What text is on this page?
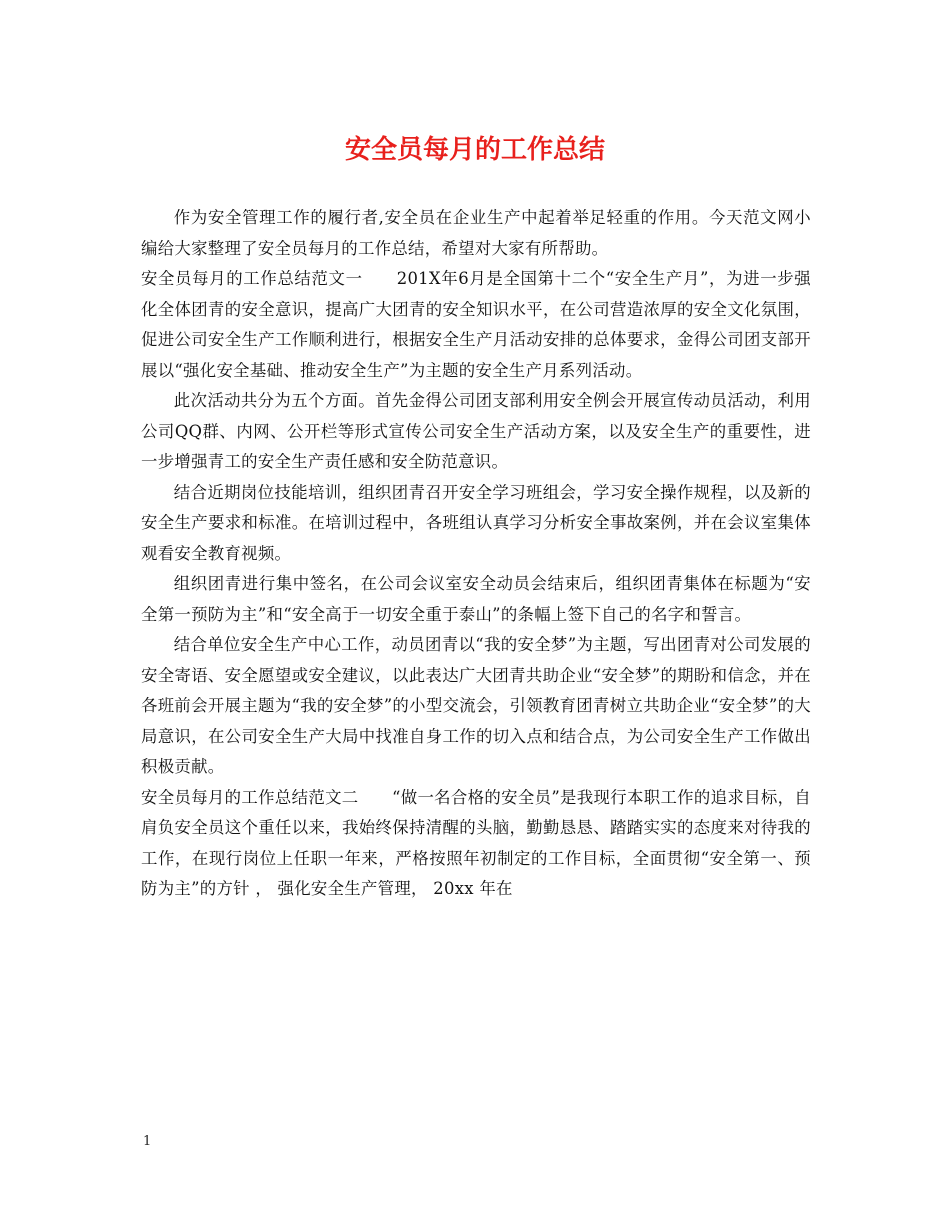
安全员每月的工作总结

作为安全管理工作的履行者,安全员在企业生产中起着举足轻重的作用。今天范文网小编给大家整理了安全员每月的工作总结，希望对大家有所帮助。

安全员每月的工作总结范文一　　201X年6月是全国第十二个“安全生产月”，为进一步强化全体团青的安全意识，提高广大团青的安全知识水平，在公司营造浓厚的安全文化氛围，促进公司安全生产工作顺利进行，根据安全生产月活动安排的总体要求，金得公司团支部开展以“强化安全基础、推动安全生产”为主题的安全生产月系列活动。

此次活动共分为五个方面。首先金得公司团支部利用安全例会开展宣传动员活动，利用公司QQ群、内网、公开栏等形式宣传公司安全生产活动方案，以及安全生产的重要性，进一步增强青工的安全生产责任感和安全防范意识。

结合近期岗位技能培训，组织团青召开安全学习班组会，学习安全操作规程，以及新的安全生产要求和标准。在培训过程中，各班组认真学习分析安全事故案例，并在会议室集体观看安全教育视频。

组织团青进行集中签名，在公司会议室安全动员会结束后，组织团青集体在标题为“安全第一预防为主”和“安全高于一切安全重于泰山”的条幅上签下自己的名字和誓言。

结合单位安全生产中心工作，动员团青以“我的安全梦”为主题，写出团青对公司发展的安全寄语、安全愿望或安全建议，以此表达广大团青共助企业“安全梦”的期盼和信念，并在各班前会开展主题为“我的安全梦”的小型交流会，引领教育团青树立共助企业“安全梦”的大局意识，在公司安全生产大局中找准自身工作的切入点和结合点，为公司安全生产工作做出积极贡献。

安全员每月的工作总结范文二　　“做一名合格的安全员”是我现行本职工作的追求目标，自肩负安全员这个重任以来，我始终保持清醒的头脑，勤勤恳恳、踏踏实实的态度来对待我的工作，在现行岗位上任职一年来，严格按照年初制定的工作目标，全面贯彻“安全第一、预防为主”的方针 ， 强化安全生产管理， 20xx 年在

1
